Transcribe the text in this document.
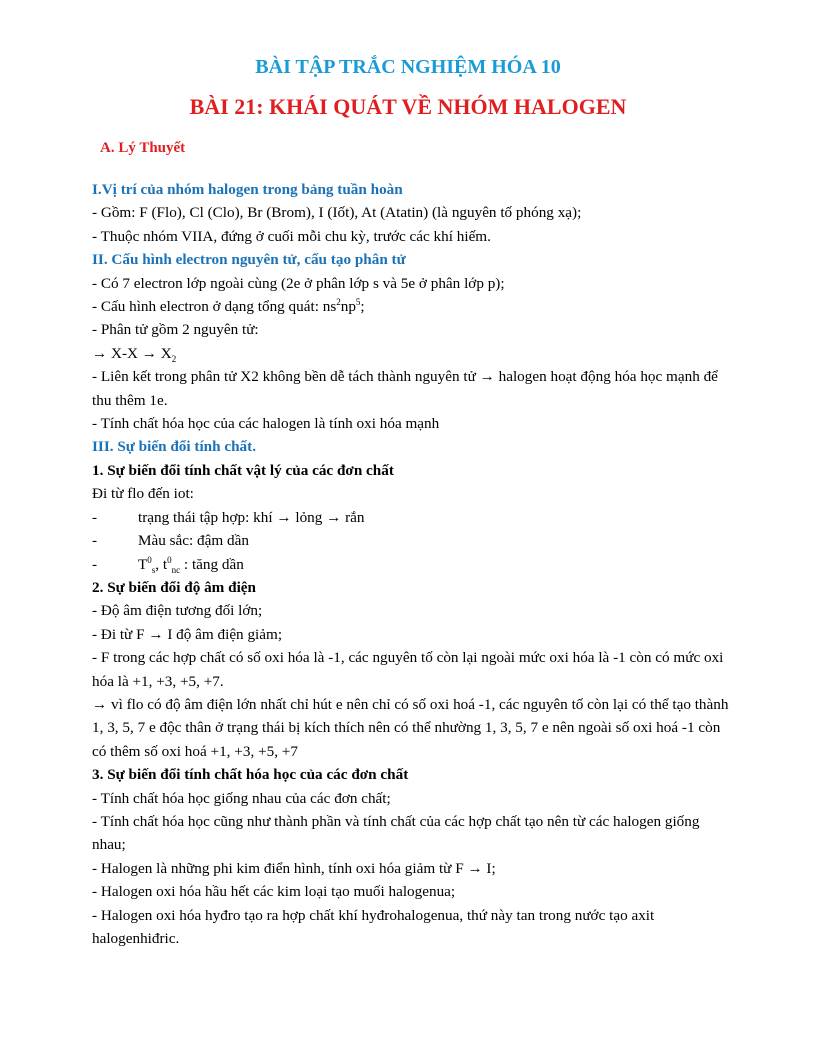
BÀI TẬP TRẮC NGHIỆM HÓA 10
BÀI 21: KHÁI QUÁT VỀ NHÓM HALOGEN
A. Lý Thuyết
I.Vị trí của nhóm halogen trong bảng tuần hoàn
- Gồm: F (Flo), Cl (Clo), Br (Brom), I (Iốt), At (Atatin) (là nguyên tố phóng xạ);
- Thuộc nhóm VIIA, đứng ở cuối mỗi chu kỳ, trước các khí hiếm.
II. Cấu hình electron nguyên tử, cấu tạo phân tử
- Có 7 electron lớp ngoài cùng (2e ở phân lớp s và 5e ở phân lớp p);
- Cấu hình electron ở dạng tổng quát: $ns^2np^5$;
- Phân tử gồm 2 nguyên tử:
→ $X-X \to X_2$
- Liên kết trong phân tử X2 không bền dễ tách thành nguyên tử → halogen hoạt động hóa học mạnh để thu thêm 1e.
- Tính chất hóa học của các halogen là tính oxi hóa mạnh
III. Sự biến đổi tính chất.
1. Sự biến đổi tính chất vật lý của các đơn chất
Đi từ flo đến iot:
-	trạng thái tập hợp: khí → lỏng → rắn
-	Màu sắc: đậm dần
-	$T^0_s$, $t^0_{nc}$ : tăng dần
2. Sự biến đổi độ âm điện
- Độ âm điện tương đối lớn;
- Đi từ F → I độ âm điện giảm;
- F trong các hợp chất có số oxi hóa là -1, các nguyên tố còn lại ngoài mức oxi hóa là -1 còn có mức oxi hóa là +1, +3, +5, +7.
→ vì flo có độ âm điện lớn nhất chỉ hút e nên chỉ có số oxi hoá -1, các nguyên tố còn lại có thể tạo thành 1, 3, 5, 7 e độc thân ở trạng thái bị kích thích nên có thể nhường 1, 3, 5, 7 e nên ngoài số oxi hoá -1 còn có thêm số oxi hoá +1, +3, +5, +7
3. Sự biến đổi tính chất hóa học của các đơn chất
- Tính chất hóa học giống nhau của các đơn chất;
- Tính chất hóa học cũng như thành phần và tính chất của các hợp chất tạo nên từ các halogen giống nhau;
- Halogen là những phi kim điển hình, tính oxi hóa giảm từ F → I;
- Halogen oxi hóa hầu hết các kim loại tạo muối halogenua;
- Halogen oxi hóa hyđro tạo ra hợp chất khí hyđrohalogenua, thứ này tan trong nước tạo axit halogenhiđric.
